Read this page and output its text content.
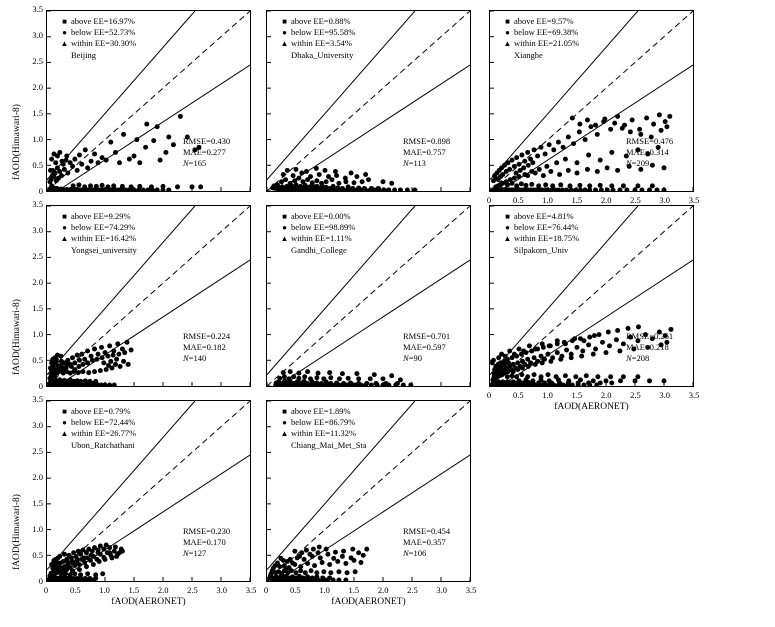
■ above EE=16.97%
● below EE=52.73%
▲ within EE=30.30%
Beijing
RMSE=0.430
MAE=0.277
N=165
0
0.5
1.0
1.5
2.0
2.5
3.0
3.5
fAOD(Himawari-8)
■ above EE=0.88%
● below EE=95.58%
▲ within EE=3.54%
Dhaka_University
RMSE=0.898
MAE=0.757
N=113
■ above EE=9.57%
● below EE=69.38%
▲ within EE=21.05%
Xianghe
RMSE=0.476
MAE=0.314
N=209
0	0.5	1.0	1.5	2.0	2.5	3.0	3.5
■ above EE=9.29%
● below EE=74.29%
▲ within EE=16.42%
Yongsei_university
RMSE=0.224
MAE=0.182
N=140
0
0.5
1.0
1.5
2.0
2.5
3.0
3.5
fAOD(Himawari-8)
■ above EE=0.00%
● below EE=98.89%
▲ within EE=1.11%
Gandhi_College
RMSE=0.701
MAE=0.597
N=90
■ above EE=4.81%
● below EE=76.44%
▲ within EE=18.75%
Silpakorn_Univ
RMSE=0.261
MAE=0.218
N=208
0	0.5	1.0	1.5	2.0	2.5	3.0	3.5
fAOD(AERONET)
■ above EE=0.79%
● below EE=72.44%
▲ within EE=26.77%
Ubon_Ratchathani
RMSE=0.230
MAE=0.170
N=127
0
0.5
1.0
1.5
2.0
2.5
3.0
3.5
fAOD(Himawari-8)
0	0.5	1.0	1.5	2.0	2.5	3.0	3.5
fAOD(AERONET)
■ above EE=1.89%
● below EE=86.79%
▲ within EE=11.32%
Chiang_Mai_Met_Sta
RMSE=0.454
MAE=0.357
N=106
0	0.5	1.0	1.5	2.0	2.5	3.0	3.5
fAOD(AERONET)
